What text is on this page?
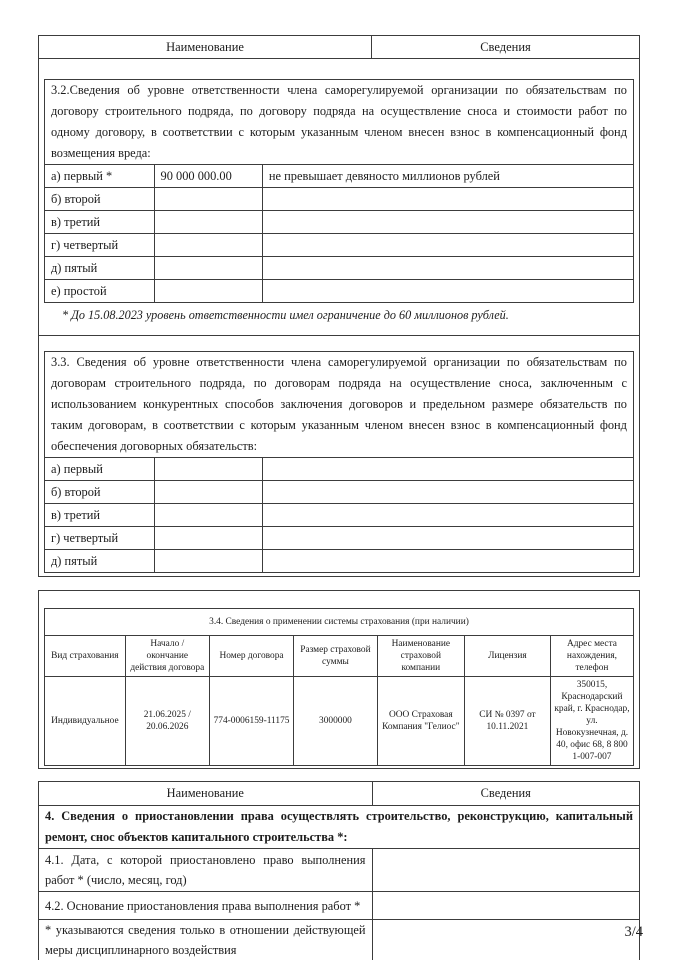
Наименование	Сведения
3.2.Сведения об уровне ответственности члена саморегулируемой организации по обязательствам по договору строительного подряда, по договору подряда на осуществление сноса и стоимости работ по одному договору, в соответствии с которым указанным членом внесен взнос в компенсационный фонд возмещения вреда:		
а) первый *	90 000 000.00	не превышает девяносто миллионов рублей
б) второй		
в) третий		
г) четвертый		
д) пятый		
е) простой		
* До 15.08.2023 уровень ответственности имел ограничение до 60 миллионов рублей.
3.3. Сведения об уровне ответственности члена саморегулируемой организации по обязательствам по договорам строительного подряда, по договорам подряда на осуществление сноса, заключенным с использованием конкурентных способов заключения договоров и предельном размере обязательств по таким договорам, в соответствии с которым указанным членом внесен взнос в компенсационный фонд обеспечения договорных обязательств:		
а) первый		
б) второй		
в) третий		
г) четвертый		
д) пятый		
3.4. Сведения о применении системы страхования (при наличии)						
Вид страхования	Начало / окончание действия договора	Номер договора	Размер страховой суммы	Наименование страховой компании	Лицензия	Адрес места нахождения, телефон
Индивидуальное	21.06.2025 / 20.06.2026	774-0006159-11175	3000000	ООО Страховая Компания "Гелиос"	СИ № 0397 от 10.11.2021	350015, Краснодарский край, г. Краснодар, ул. Новокузнечная, д. 40, офис 68, 8 800 1-007-007
Наименование	Сведения
4. Сведения о приостановлении права осуществлять строительство, реконструкцию, капитальный ремонт, снос объектов капитального строительства *:	
4.1. Дата, с которой приостановлено право выполнения работ * (число, месяц, год)	
4.2. Основание приостановления права выполнения работ *	
* указываются сведения только в отношении действующей меры дисциплинарного воздействия	
3/4
